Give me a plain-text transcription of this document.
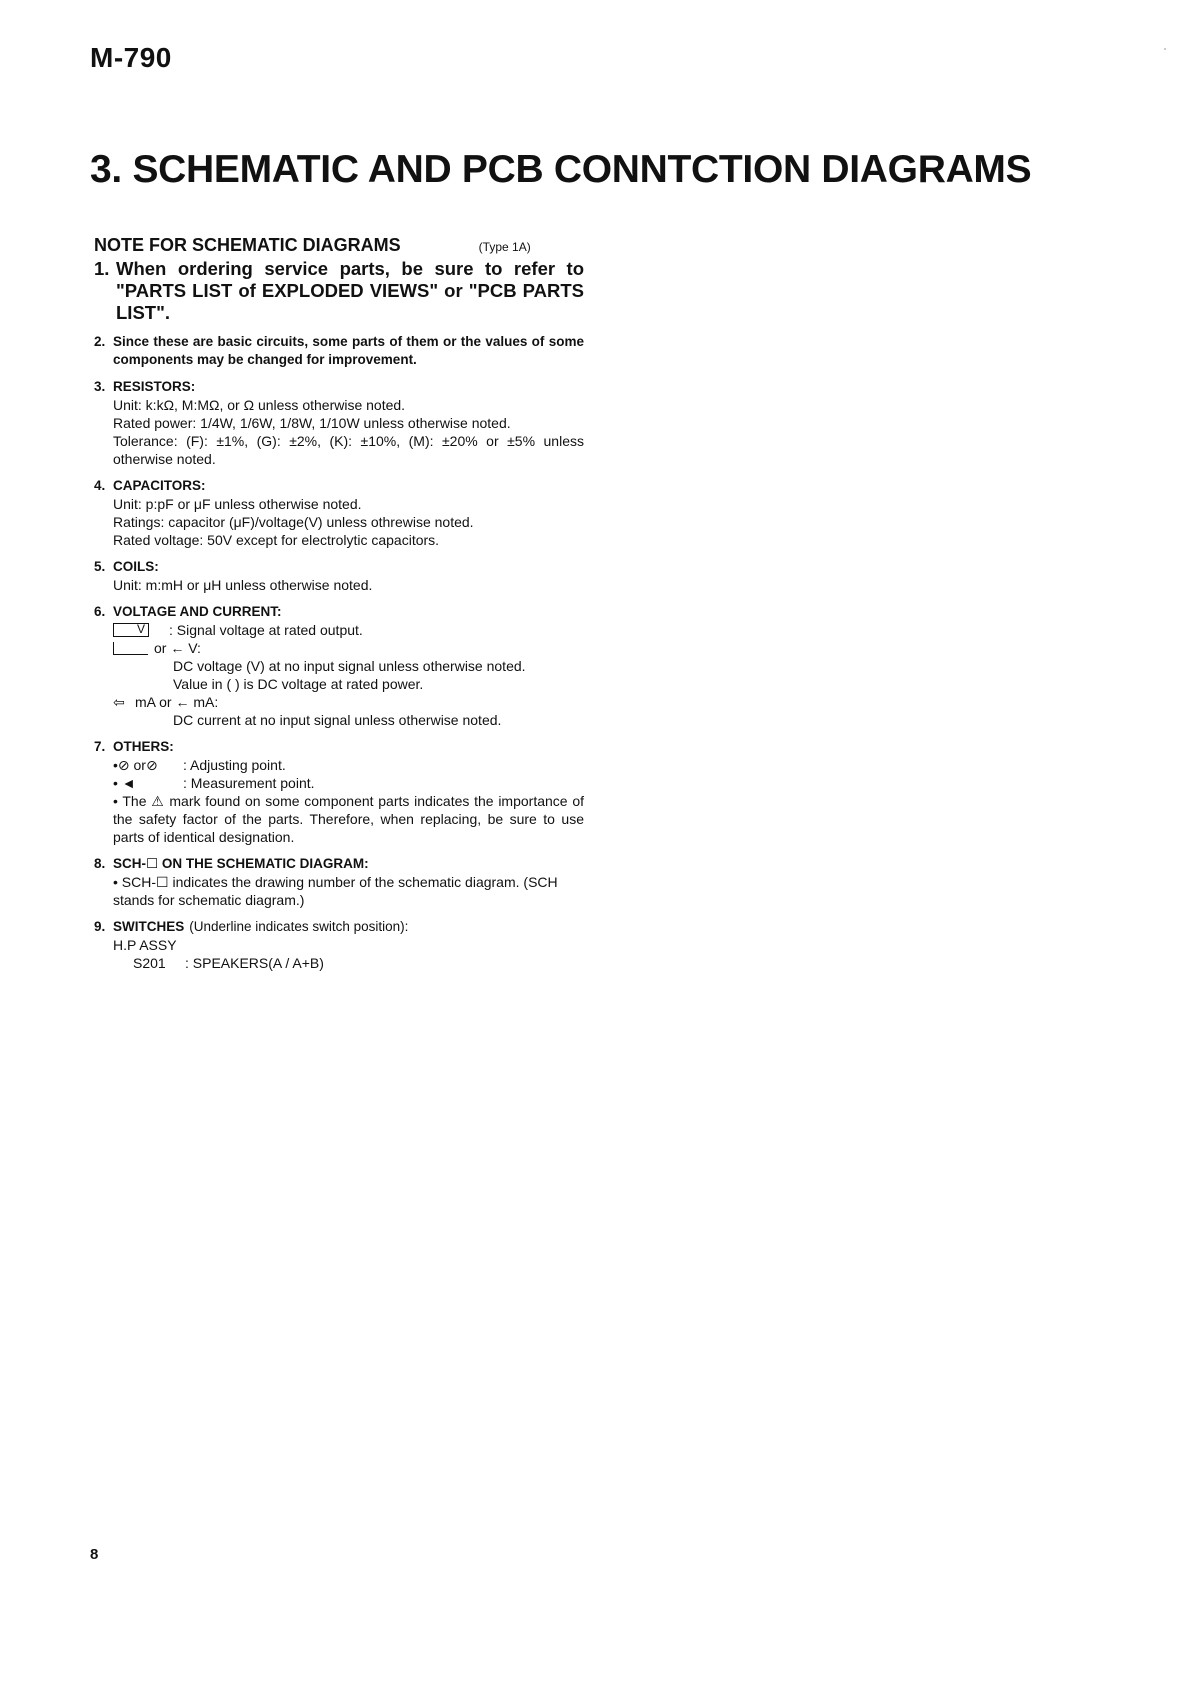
M-790
3. SCHEMATIC AND PCB CONNTCTION DIAGRAMS
NOTE FOR SCHEMATIC DIAGRAMS	(Type 1A)
1. When ordering service parts, be sure to refer to "PARTS LIST of EXPLODED VIEWS" or "PCB PARTS LIST".
2. Since these are basic circuits, some parts of them or the values of some components may be changed for improvement.
3. RESISTORS:

Unit: k:kΩ, M:MΩ, or Ω unless otherwise noted.

Rated power: 1/4W, 1/6W, 1/8W, 1/10W unless otherwise noted.

Tolerance: (F): ±1%, (G): ±2%, (K): ±10%, (M): ±20% or ±5% unless otherwise noted.

4. CAPACITORS:

Unit: p:pF or μF unless otherwise noted.

Ratings: capacitor (μF)/voltage(V) unless othrewise noted.

Rated voltage: 50V except for electrolytic capacitors.

5. COILS:

Unit: m:mH or μH unless otherwise noted.

6. VOLTAGE AND CURRENT:
V : Signal voltage at rated output.
or ← V:

DC voltage (V) at no input signal unless otherwise noted.

Value in ( ) is DC voltage at rated power.

⇦ mA or ← mA:

DC current at no input signal unless otherwise noted.

7. OTHERS:
•⊘ or⊘	: Adjusting point.
• ◄	: Measurement point.

• The ⚠ mark found on some component parts indicates the importance of the safety factor of the parts. Therefore, when replacing, be sure to use parts of identical designation.

8. SCH-☐ ON THE SCHEMATIC DIAGRAM:

• SCH-☐ indicates the drawing number of the schematic diagram. (SCH stands for schematic diagram.)

9. SWITCHES (Underline indicates switch position):

H.P ASSY

S201	: SPEAKERS(A / A+B)
8
